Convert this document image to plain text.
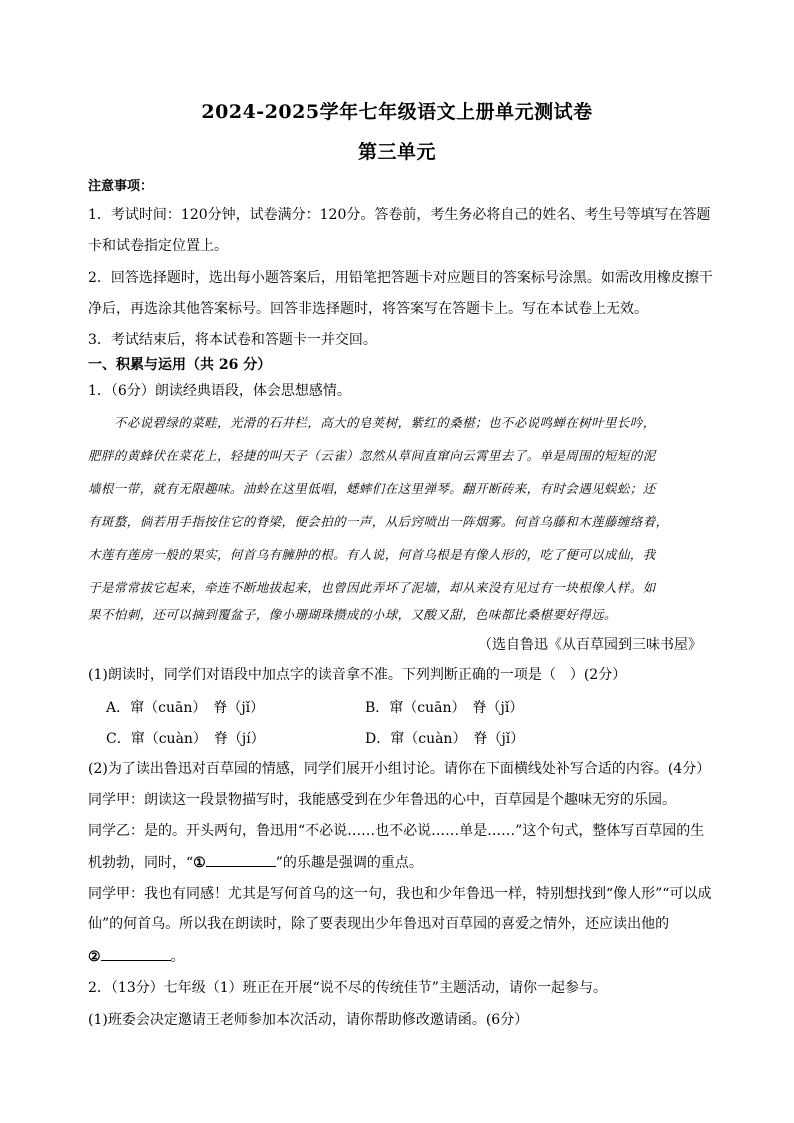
2024-2025学年七年级语文上册单元测试卷
第三单元
注意事项：
1．考试时间：120分钟，试卷满分：120分。答卷前，考生务必将自己的姓名、考生号等填写在答题
卡和试卷指定位置上。
2．回答选择题时，选出每小题答案后，用铅笔把答题卡对应题目的答案标号涂黑。如需改用橡皮擦干
净后，再选涂其他答案标号。回答非选择题时，将答案写在答题卡上。写在本试卷上无效。
3．考试结束后，将本试卷和答题卡一并交回。
一、积累与运用（共 26 分）
1．（6分）朗读经典语段，体会思想感情。
　　不必说碧绿的菜畦，光滑的石井栏，高大的皂荚树，紫红的桑椹；也不必说鸣蝉在树叶里长吟，
肥胖的黄蜂伏在菜花上，轻捷的叫天子（云雀）忽然从草间直窜向云霄里去了。单是周围的短短的泥
墙根一带，就有无限趣味。油蛉在这里低唱，蟋蟀们在这里弹琴。翻开断砖来，有时会遇见蜈蚣；还
有斑蝥，倘若用手指按住它的脊梁，便会拍的一声，从后窍喷出一阵烟雾。何首乌藤和木莲藤缠络着，
木莲有莲房一般的果实，何首乌有臃肿的根。有人说，何首乌根是有像人形的，吃了便可以成仙，我
于是常常拔它起来，牵连不断地拔起来，也曾因此弄坏了泥墙，却从来没有见过有一块根像人样。如
果不怕刺，还可以摘到覆盆子，像小珊瑚珠攒成的小球，又酸又甜，色味都比桑椹要好得远。
（选自鲁迅《从百草园到三味书屋》
(1)朗读时，同学们对语段中加点字的读音拿不准。下列判断正确的一项是（　）(2分）
A．窜（cuān）　脊（jǐ）	B．窜（cuān）　脊（jǐ）
C．窜（cuàn）　脊（jí）	D．窜（cuàn）　脊（jǐ）
(2)为了读出鲁迅对百草园的情感，同学们展开小组讨论。请你在下面横线处补写合适的内容。(4分）
同学甲：朗读这一段景物描写时，我能感受到在少年鲁迅的心中，百草园是个趣味无穷的乐园。
同学乙：是的。开头两句，鲁迅用“不必说……也不必说……单是……”这个句式，整体写百草园的生
机勃勃，同时，“①	”的乐趣是强调的重点。
同学甲：我也有同感！尤其是写何首乌的这一句，我也和少年鲁迅一样，特别想找到“像人形”“可以成
仙”的何首乌。所以我在朗读时，除了要表现出少年鲁迅对百草园的喜爱之情外，还应读出他的
②	。
2．（13分）七年级（1）班正在开展“说不尽的传统佳节”主题活动，请你一起参与。
(1)班委会决定邀请王老师参加本次活动，请你帮助修改邀请函。(6分）
